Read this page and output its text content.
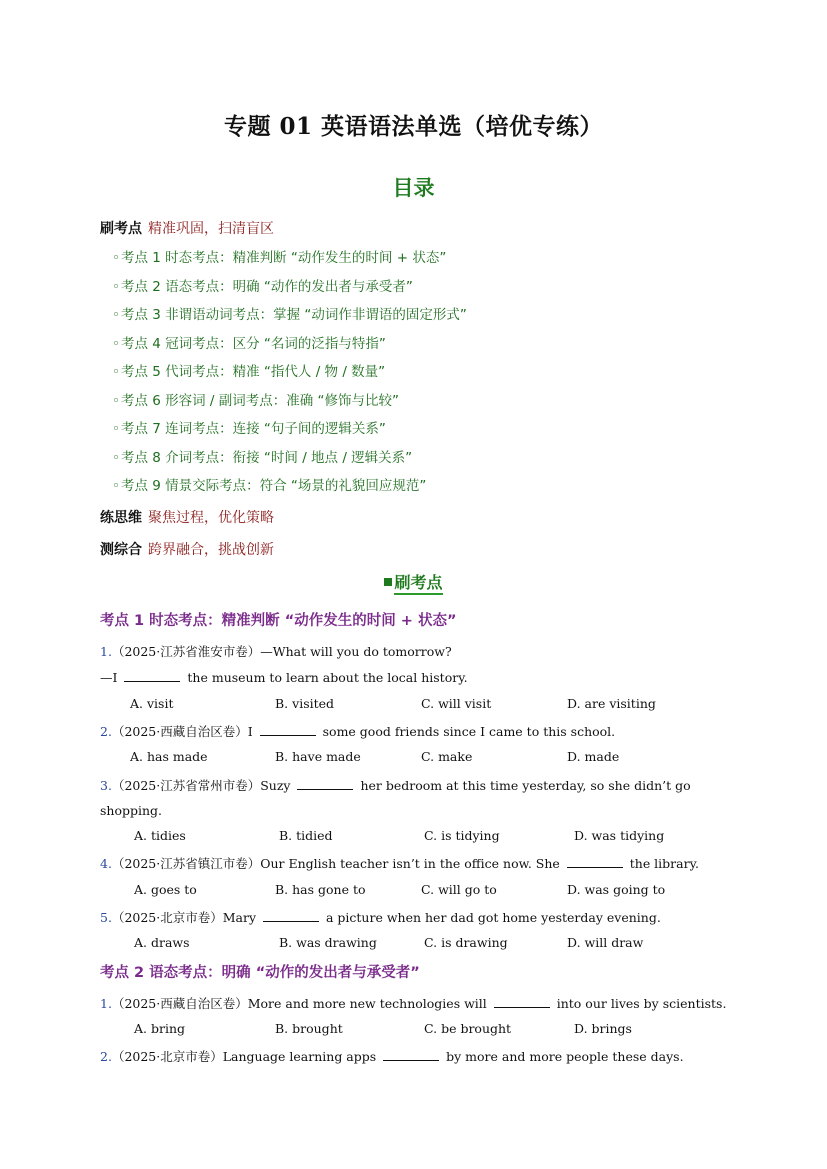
专题 01 英语语法单选（培优专练）
目录
刷考点 精准巩固，扫清盲区
◦ 考点 1 时态考点：精准判断 “动作发生的时间 + 状态”
◦ 考点 2 语态考点：明确 “动作的发出者与承受者”
◦ 考点 3 非谓语动词考点：掌握 “动词作非谓语的固定形式”
◦ 考点 4 冠词考点：区分 “名词的泛指与特指”
◦ 考点 5 代词考点：精准 “指代人 / 物 / 数量”
◦ 考点 6 形容词 / 副词考点：准确 “修饰与比较”
◦ 考点 7 连词考点：连接 “句子间的逻辑关系”
◦ 考点 8 介词考点：衔接 “时间 / 地点 / 逻辑关系”
◦ 考点 9 情景交际考点：符合 “场景的礼貌回应规范”
练思维 聚焦过程，优化策略
测综合 跨界融合，挑战创新
刷考点
考点 1 时态考点：精准判断 “动作发生的时间 + 状态”
1.（2025·江苏省淮安市卷）—What will you do tomorrow?
—I	the museum to learn about the local history.
A. visit	B. visited	C. will visit	D. are visiting
2.（2025·西藏自治区卷）I	some good friends since I came to this school.
A. has made	B. have made	C. make	D. made
3.（2025·江苏省常州市卷）Suzy	her bedroom at this time yesterday, so she didn’t go
shopping.
A. tidies	B. tidied	C. is tidying	D. was tidying
4.（2025·江苏省镇江市卷）Our English teacher isn’t in the office now. She	the library.
A. goes to	B. has gone to	C. will go to	D. was going to
5.（2025·北京市卷）Mary	a picture when her dad got home yesterday evening.
A. draws	B. was drawing	C. is drawing	D. will draw
考点 2 语态考点：明确 “动作的发出者与承受者”
1.（2025·西藏自治区卷）More and more new technologies will	into our lives by scientists.
A. bring	B. brought	C. be brought	D. brings
2.（2025·北京市卷）Language learning apps	by more and more people these days.
